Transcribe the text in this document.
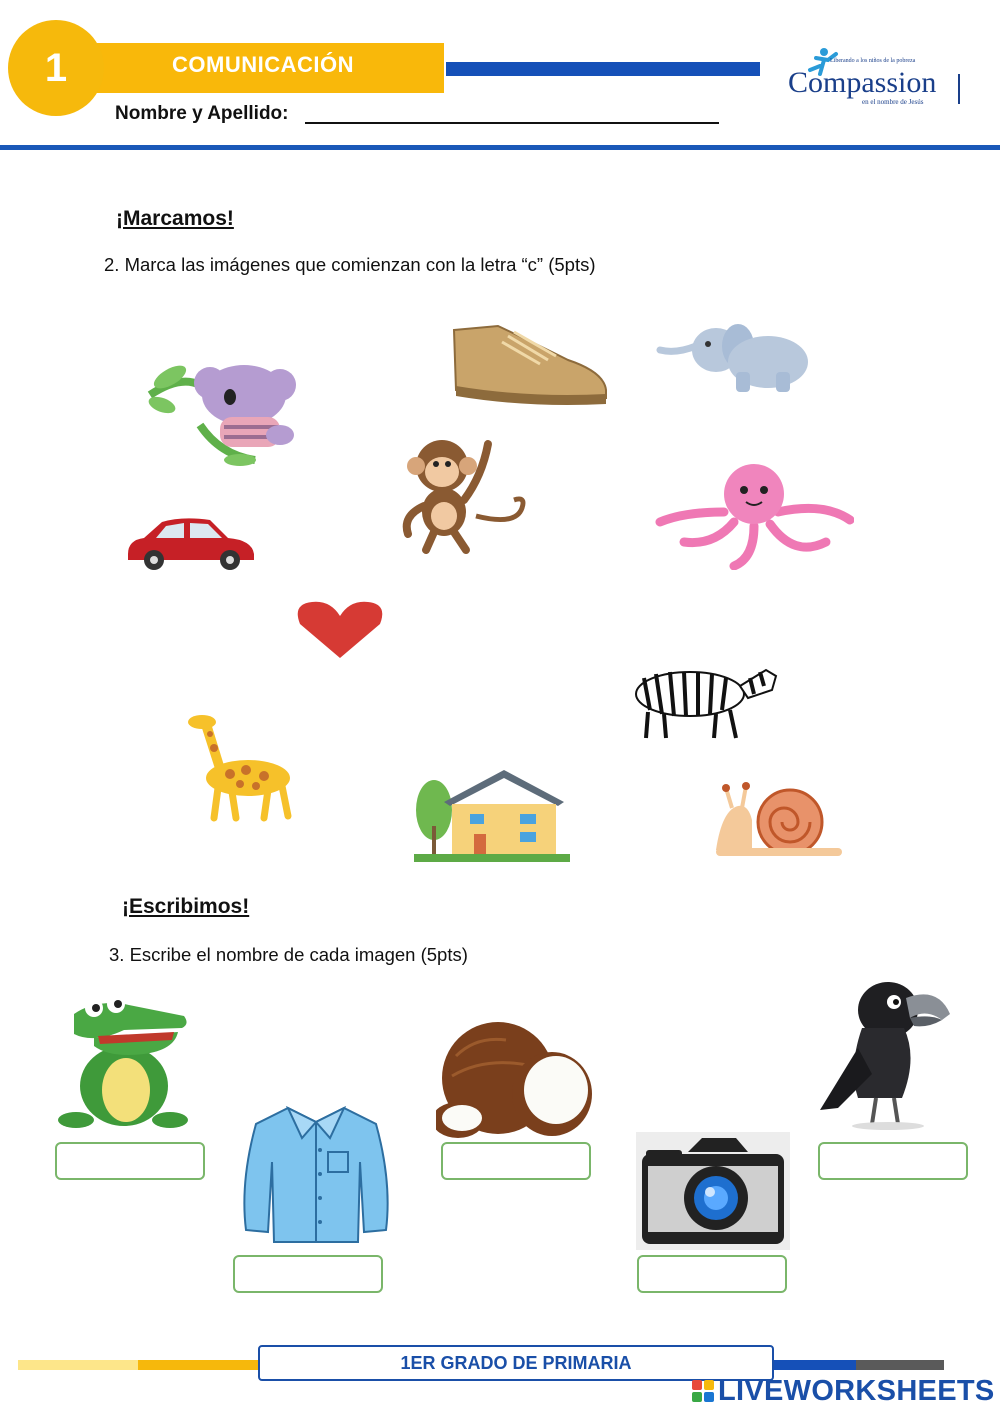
1	COMUNICACIÓN
Nombre y Apellido:
Liberando a los niños de la pobreza
Compassion
en el nombre de Jesús
¡Marcamos!
2. Marca las imágenes que comienzan con la letra “c” (5pts)
¡Escribimos!
3. Escribe el nombre de cada imagen (5pts)
1ER GRADO DE PRIMARIA
LIVEWORKSHEETS
